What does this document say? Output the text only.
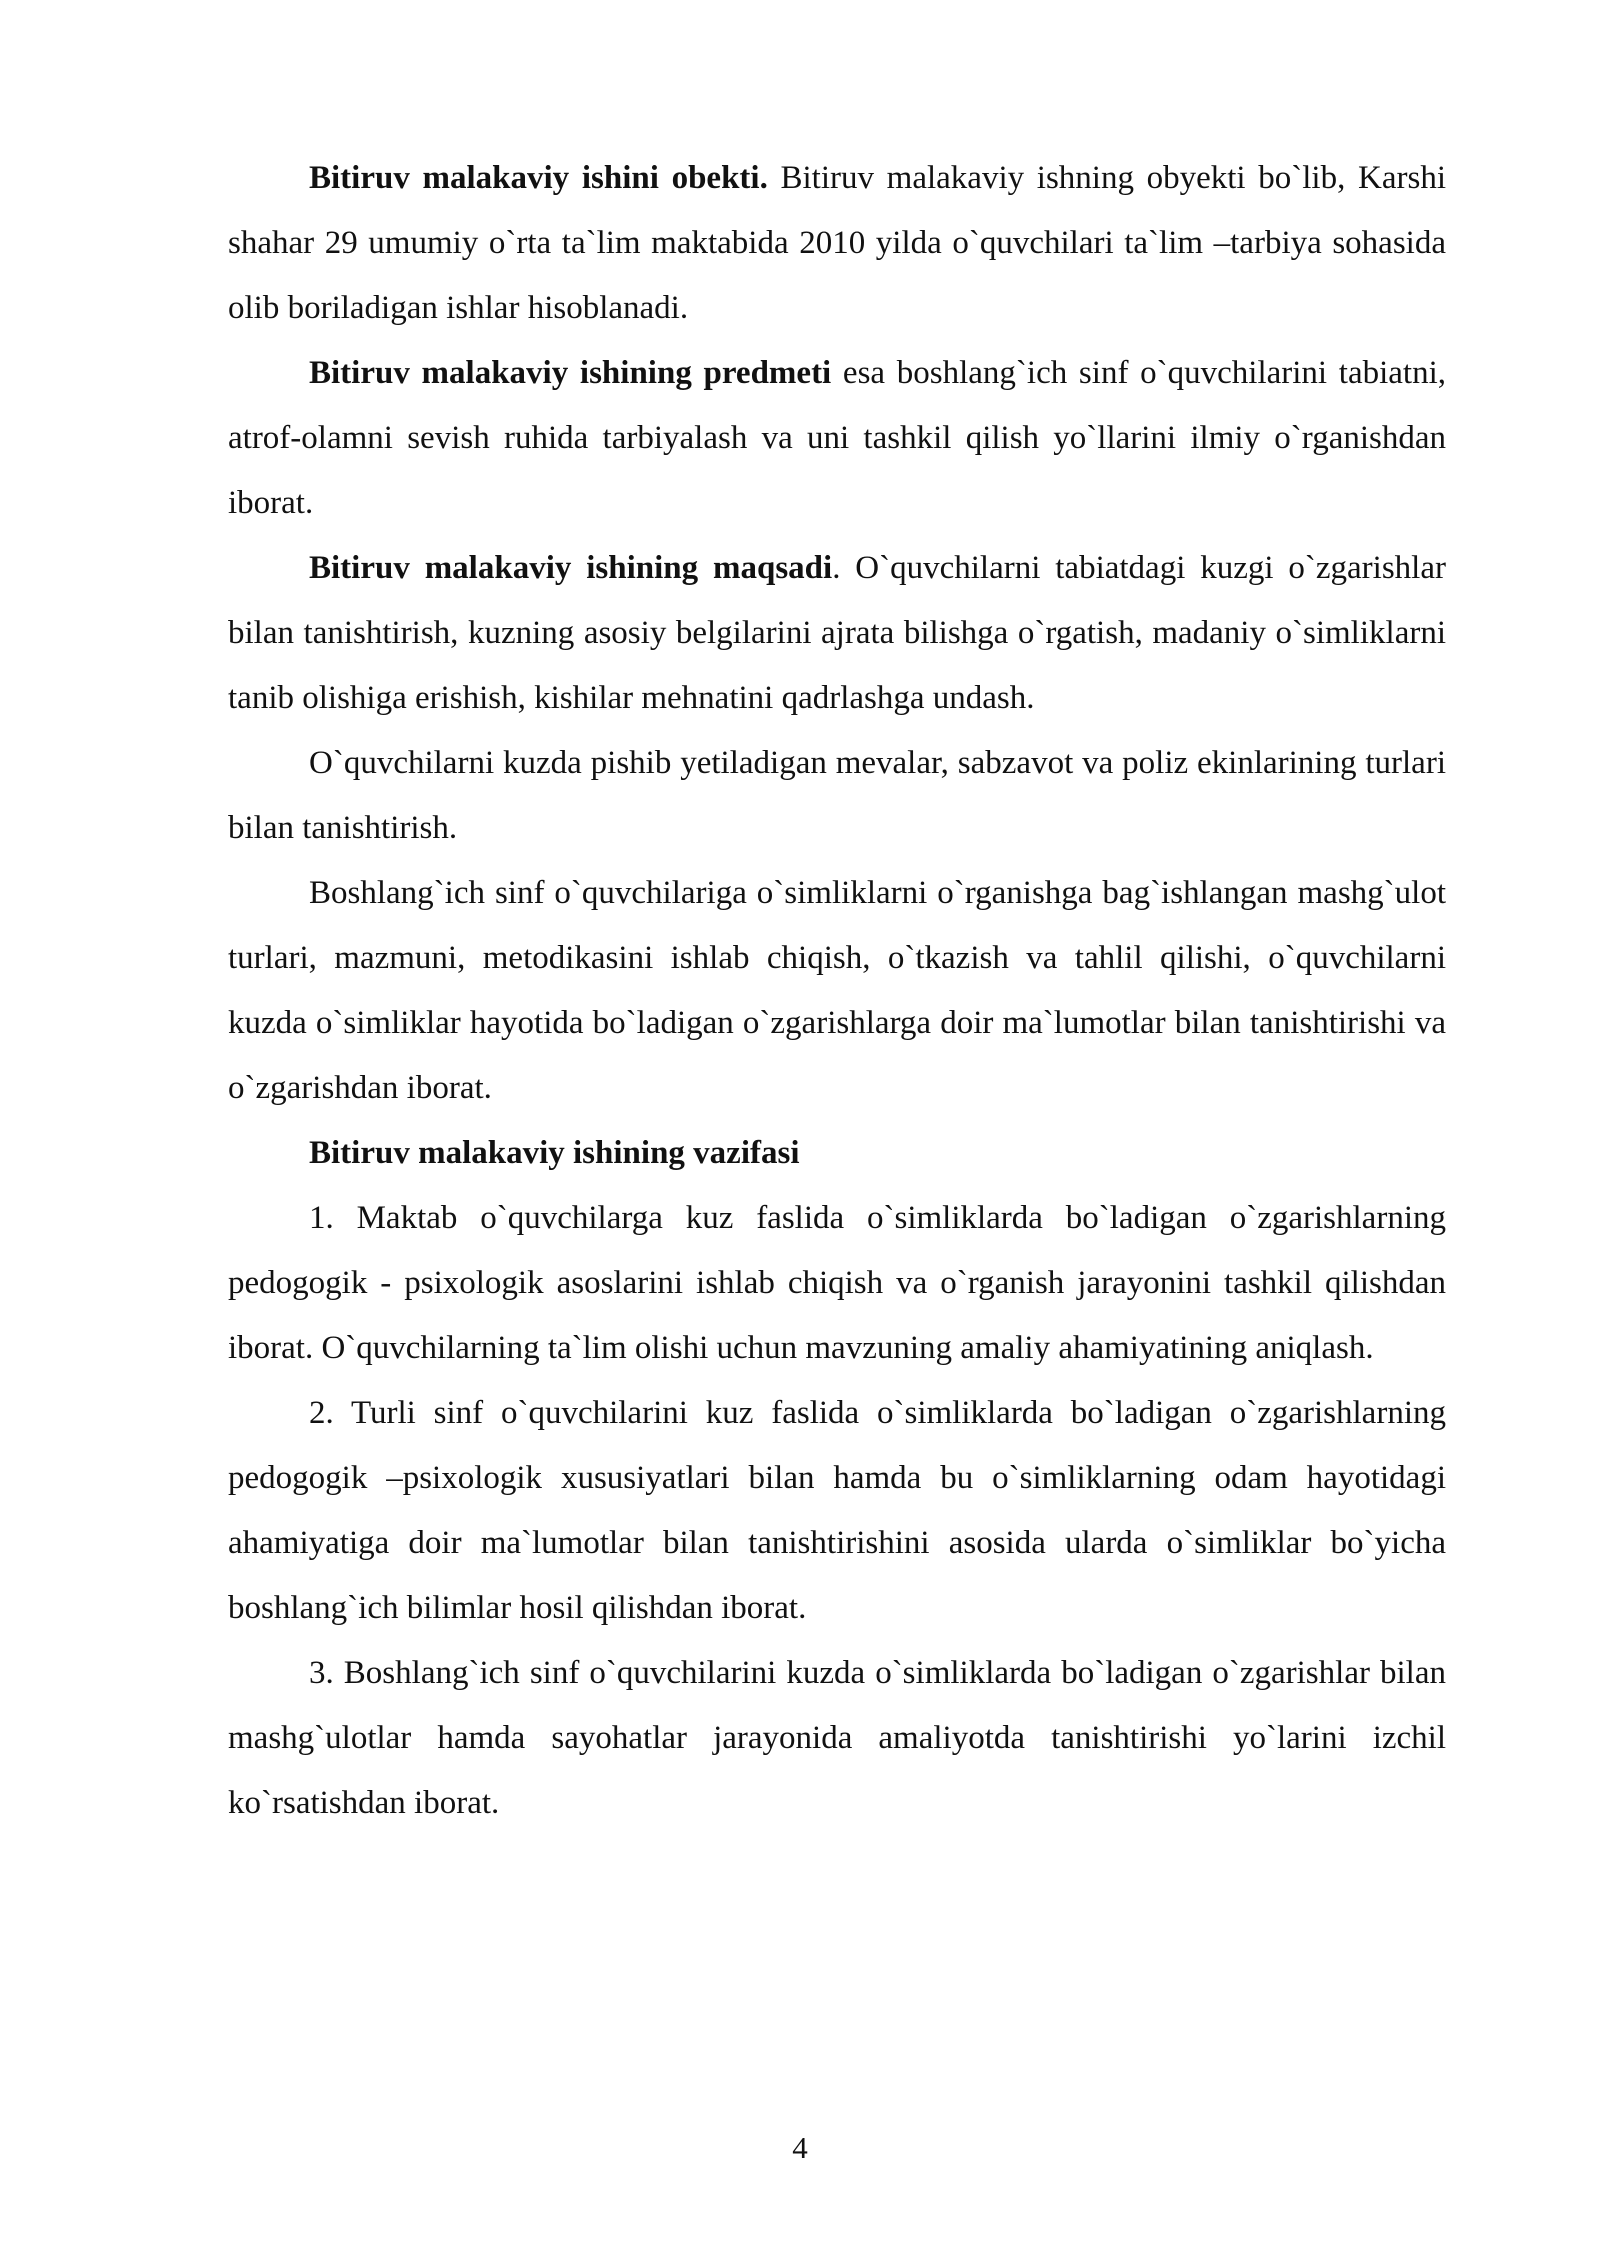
Bitiruv malakaviy ishini obekti. Bitiruv malakaviy ishning obyekti bo`lib, Karshi shahar 29 umumiy o`rta ta`lim maktabida 2010 yilda o`quvchilari ta`lim –tarbiya sohasida olib boriladigan ishlar hisoblanadi.

Bitiruv malakaviy ishining predmeti esa boshlang`ich sinf o`quvchilarini tabiatni, atrof-olamni sevish ruhida tarbiyalash va uni tashkil qilish yo`llarini ilmiy o`rganishdan iborat.

Bitiruv malakaviy ishining maqsadi. O`quvchilarni tabiatdagi kuzgi o`zgarishlar bilan tanishtirish, kuzning asosiy belgilarini ajrata bilishga o`rgatish, madaniy o`simliklarni tanib olishiga erishish, kishilar mehnatini qadrlashga undash.

O`quvchilarni kuzda pishib yetiladigan mevalar, sabzavot va poliz ekinlarining turlari bilan tanishtirish.

Boshlang`ich sinf o`quvchilariga o`simliklarni o`rganishga bag`ishlangan mashg`ulot turlari, mazmuni, metodikasini ishlab chiqish, o`tkazish va tahlil qilishi, o`quvchilarni kuzda o`simliklar hayotida bo`ladigan o`zgarishlarga doir ma`lumotlar bilan tanishtirishi va o`zgarishdan iborat.

Bitiruv malakaviy ishining vazifasi

1. Maktab o`quvchilarga kuz faslida o`simliklarda bo`ladigan o`zgarishlarning pedogogik - psixologik asoslarini ishlab chiqish va o`rganish jarayonini tashkil qilishdan iborat. O`quvchilarning ta`lim olishi uchun mavzuning amaliy ahamiyatining aniqlash.

2. Turli sinf o`quvchilarini kuz faslida o`simliklarda bo`ladigan o`zgarishlarning pedogogik –psixologik xususiyatlari bilan hamda bu o`simliklarning odam hayotidagi ahamiyatiga doir ma`lumotlar bilan tanishtirishini asosida ularda o`simliklar bo`yicha boshlang`ich bilimlar hosil qilishdan iborat.

3. Boshlang`ich sinf o`quvchilarini kuzda o`simliklarda bo`ladigan o`zgarishlar bilan mashg`ulotlar hamda sayohatlar jarayonida amaliyotda tanishtirishi yo`larini izchil ko`rsatishdan iborat.

4
